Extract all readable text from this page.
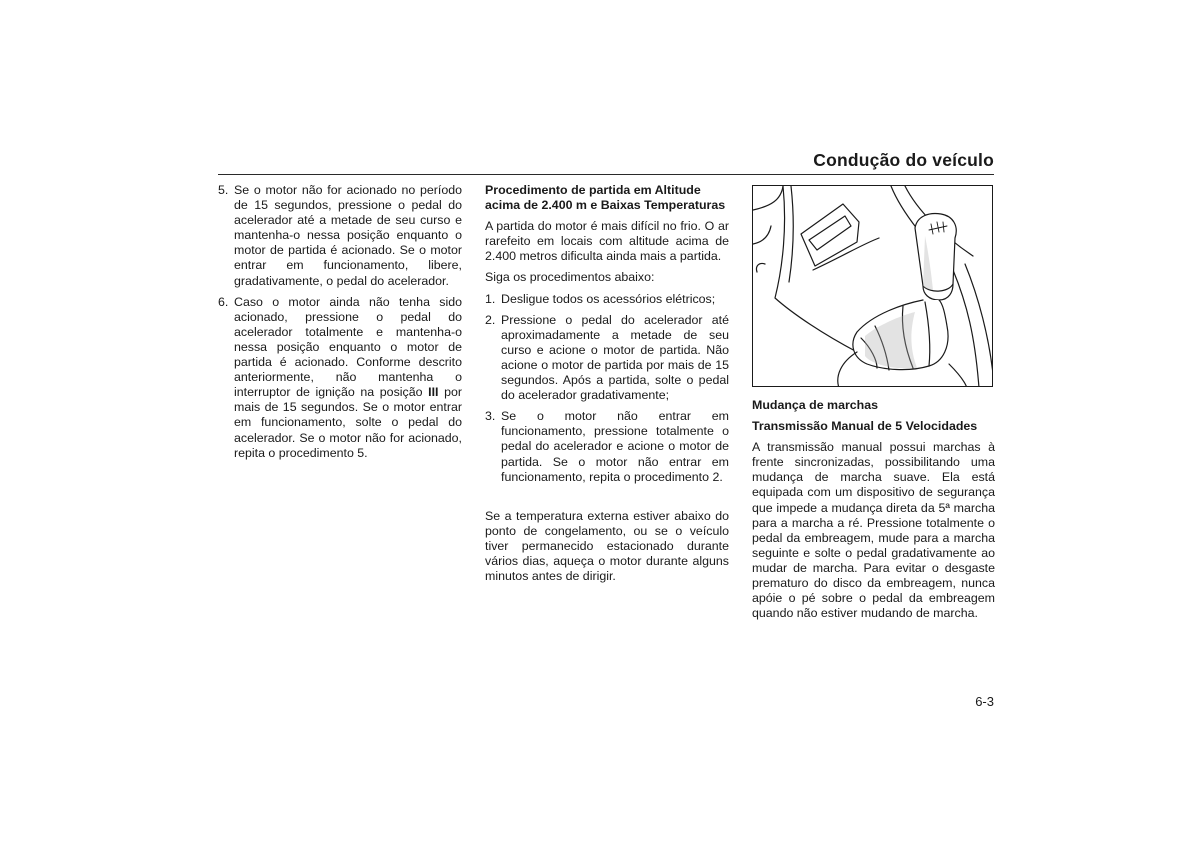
Condução do veículo
5. Se o motor não for acionado no período de 15 segundos, pressione o pedal do acelerador até a metade de seu curso e mantenha-o nessa posição enquanto o motor de partida é acionado. Se o motor entrar em funcionamento, libere, gradativamente, o pedal do acelerador.
6. Caso o motor ainda não tenha sido acionado, pressione o pedal do acelerador totalmente e mantenha-o nessa posição enquanto o motor de partida é acionado. Conforme descrito anteriormente, não mantenha o interruptor de ignição na posição III por mais de 15 segundos. Se o motor entrar em funcionamento, solte o pedal do acelerador. Se o motor não for acionado, repita o procedimento 5.
Procedimento de partida em Altitude acima de 2.400 m e Baixas Temperaturas

A partida do motor é mais difícil no frio. O ar rarefeito em locais com altitude acima de 2.400 metros dificulta ainda mais a partida.

Siga os procedimentos abaixo:

1. Desligue todos os acessórios elétricos;
2. Pressione o pedal do acelerador até aproximadamente a metade de seu curso e acione o motor de partida. Não acione o motor de partida por mais de 15 segundos. Após a partida, solte o pedal do acelerador gradativamente;
3. Se o motor não entrar em funcionamento, pressione totalmente o pedal do acelerador e acione o motor de partida. Se o motor não entrar em funcionamento, repita o procedimento 2.

Se a temperatura externa estiver abaixo do ponto de congelamento, ou se o veículo tiver permanecido estacionado durante vários dias, aqueça o motor durante alguns minutos antes de dirigir.

Mudança de marchas
Transmissão Manual de 5 Velocidades

A transmissão manual possui marchas à frente sincronizadas, possibilitando uma mudança de marcha suave. Ela está equipada com um dispositivo de segurança que impede a mudança direta da 5ª marcha para a marcha a ré. Pressione totalmente o pedal da embreagem, mude para a marcha seguinte e solte o pedal gradativamente ao mudar de marcha. Para evitar o desgaste prematuro do disco da embreagem, nunca apóie o pé sobre o pedal da embreagem quando não estiver mudando de marcha.

6-3
